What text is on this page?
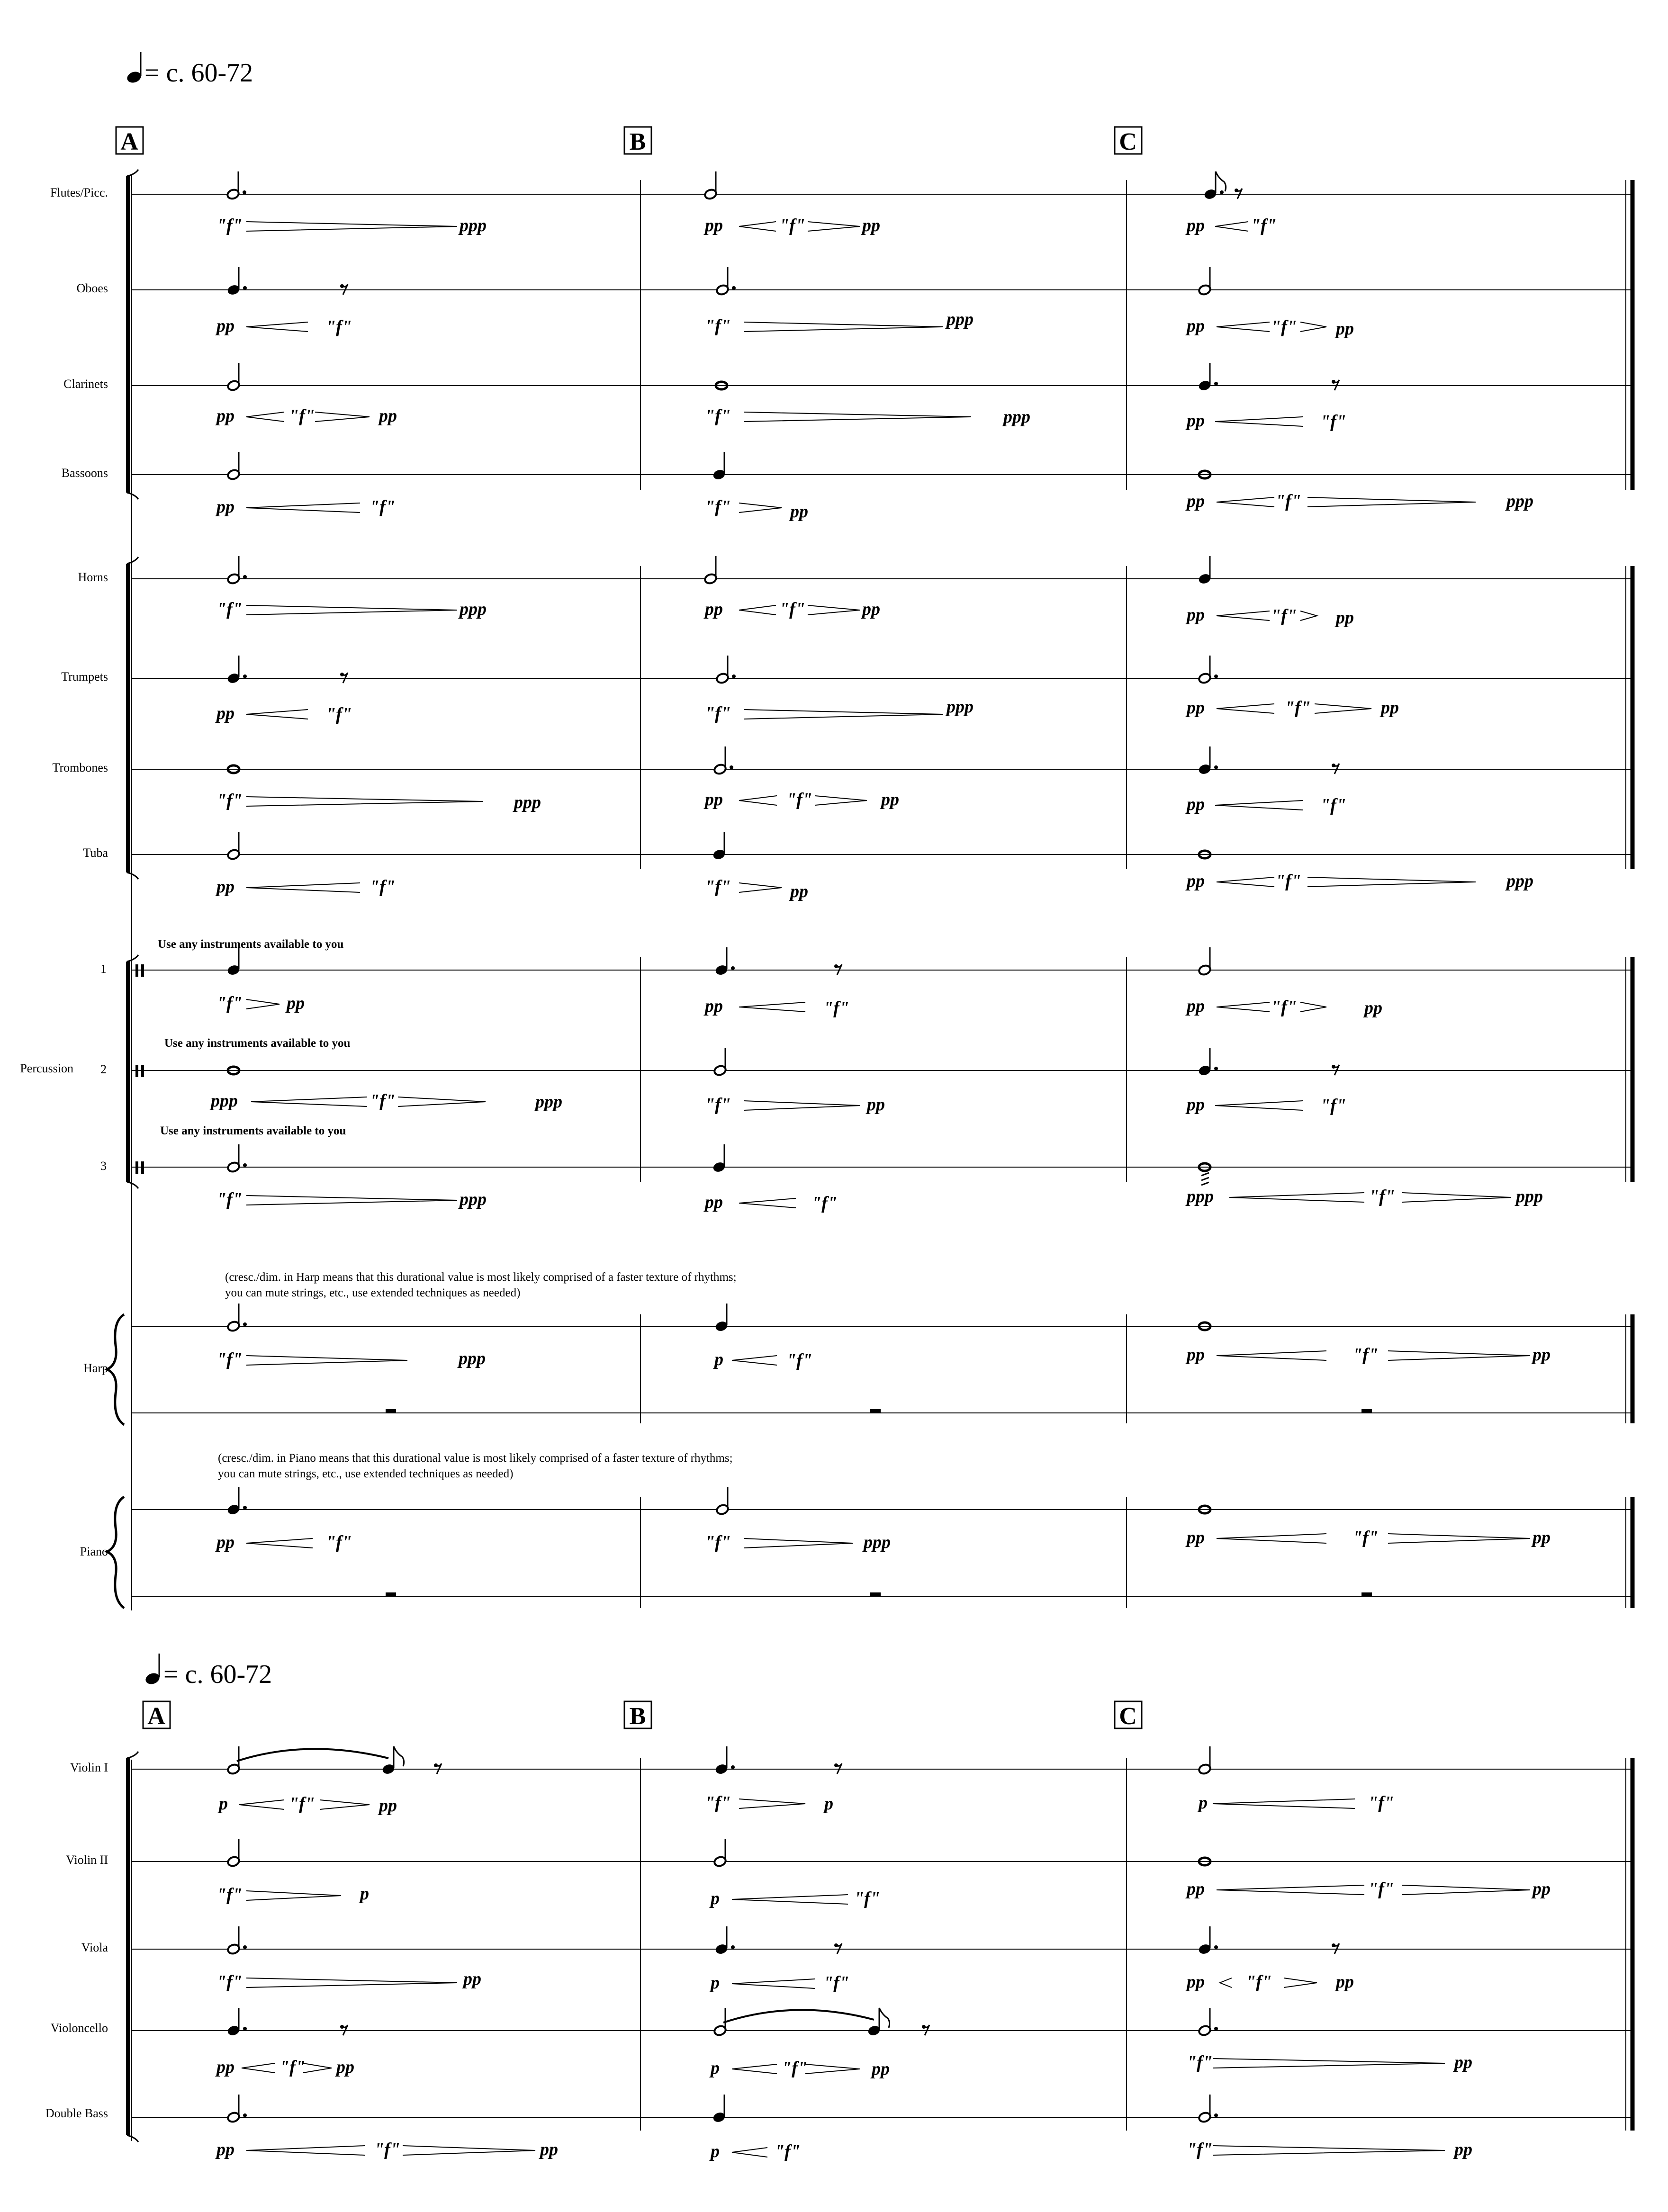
= c. 60-72
A	B	C
Flutes/Picc.
Oboes
Clarinets
Bassoons
Horns
Trumpets
Trombones
Tuba
1
Percussion 2
3
Harp
Piano
Violin I
Violin II
Viola
Violoncello
Double Bass
Use any instruments available to you
Use any instruments available to you
Use any instruments available to you
(cresc./dim. in Harp means that this durational value is most likely comprised of a faster texture of rhythms;
you can mute strings, etc., use extended techniques as needed)
(cresc./dim. in Piano means that this durational value is most likely comprised of a faster texture of rhythms;
you can mute strings, etc., use extended techniques as needed)
= c. 60-72
A	B	C
"f"	ppp	pp	"f"	pp	pp	"f"
pp	"f"	"f"	ppp	pp	"f" pp
pp	"f"	pp	"f"	ppp	pp	"f"
pp	"f"	"f"	pp
pp	"f"	ppp
"f"	ppp	pp	"f"	pp	pp	"f" pp
pp	"f"	"f"	ppp	pp	"f"	pp
"f"	ppp	pp	"f"	pp	pp	"f"
pp	"f"	"f"	pp
pp	"f"	ppp
"f" pp	pp	"f"	pp	"f"	pp
ppp	"f"	ppp	"f"	pp	pp	"f"
"f"	ppp	pp	"f"	ppp	"f"	ppp
"f"	ppp	p	"f"	pp	"f"	pp
pp	"f"	"f"	ppp	pp	"f"	pp
p	"f"	pp	"f"	p	p	"f"
"f"	p	p	"f"	pp	"f"	pp
"f"	pp	p	"f"	pp "f"	pp
pp	"f" pp	p	"f"	pp	"f"	pp
pp	"f"	pp	p	"f"	"f"	pp
